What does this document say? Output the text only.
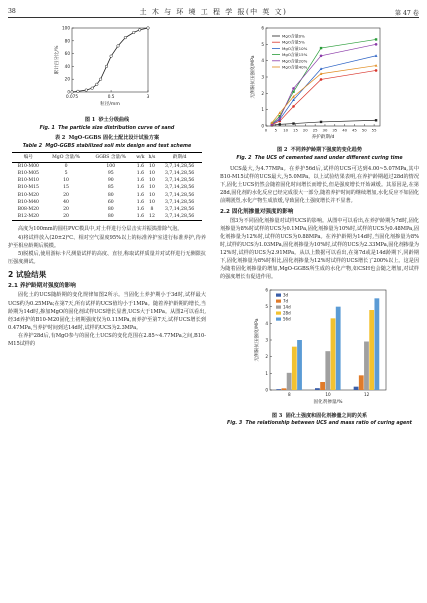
38	土 木 与 环 境 工 程 学 报(中 英 文)	第 47 卷
0
20
40
60
80
100
0.075	0.5	3
粒径/mm
累计百分比/%
图 1 砂土分级曲线
Fig. 1 The particle size distribution curve of sand
表 2 MgO-GGBS 固化土配比设计试验方案
Table 2 MgO-GGBS stabilized soil mix design and test scheme
编号	MgO 含量/%	GGBS 含量/%	w/k	h/s	龄期/d
B10-M00	0	100	1.6	10	3,7,14,28,56
B10-M05	5	95	1.6	10	3,7,14,28,56
B10-M10	10	90	1.6	10	3,7,14,28,56
B10-M15	15	85	1.6	10	3,7,14,28,56
B10-M20	20	80	1.6	10	3,7,14,28,56
B10-M40	40	60	1.6	10	3,7,14,28,56
B08-M20	20	80	1.6	8	3,7,14,28,56
B12-M20	20	80	1.6	12	3,7,14,28,56

高度为100mm的圆柱PVC模具中,对土样进行分层击实并振捣排除气泡。

4)将试样放入(20±2)℃、相对空气湿度95%以上的标准养护室进行标准养护,待养护至相应龄期后脱模。

5)脱模后,使用游标卡尺测量试样的高度、直径,称取试样质量并对试样进行无侧限抗压强度测试。

2 试验结果
2.1 养护龄期对强度的影响

固化土的UCS随龄期的变化规律如图2所示。当固化土养护期小于3d时,试样最大UCS约为0.25MPa;在第7天,所有试样的UCS值均小于1MPa。随着养护龄期的增长,当龄期为14d时,掺加MgO的固化剂试样UCS增长显著,UCS大于1MPa。从图2可以看出,经3d养护的B10-M20固化土初期强度仅为0.11MPa,而养护至第7天,试样UCS增长到0.47MPa,当养护时间到达14d时,试样的UCS为2.3MPa。

在养护28d后,有MgO参与的固化土UCS的变化范围在2.85~4.77MPa之间,B10-M15试样的

0
1
2
3
4
5
6
0 5 10 15 20 25 30 35 40 45 50 55
养护龄期/d
无侧限抗压强度/MPa
MgO含量0%
MgO含量5%
MgO含量10%
MgO含量15%
MgO含量20%
MgO含量40%
图 2 不同养护龄期下强度的变化趋势
Fig. 2 The UCS of cemented sand under different curing time

UCS最大,为4.77MPa。在养护56d后,试样的UCS可达到4.00~5.07MPa,其中B10-M15试样的UCS最大,为5.0MPa。以上试验结果表明,在养护龄期超过28d的情况下,固化土UCS仍然会随着固化时间增长而增长,但是强度增长开始减缓。其原因是,在第28d,固化剂的水化反应已经完成很大一部分,随着养护时间的继续增加,水化反应不如固化前期剧烈,水化产物生成放缓,导致固化土强度增长并不显著。

2.2 固化剂掺量对强度的影响

图3为不同固化剂掺量对试样UCS的影响。从图中可以看出,在养护龄期为7d时,固化剂掺量为8%时试样的UCS为0.1MPa,固化剂掺量为10%时,试样的UCS为0.48MPa,固化剂掺量为12%时,试样的UCS为0.88MPa。在养护龄期为14d时,当固化剂掺量为8%时,试样的UCS为1.03MPa,固化剂掺量为10%时,试样的UCS为2.33MPa,固化剂掺量为12%时,试样的UCS为2.91MPa。从以上数据可以看出,在第7d或是14d龄期下,同龄期下,固化剂掺量为8%时相比,固化剂掺量为12%时试样的UCS增长了200%以上。这是因为随着固化剂掺量的增加,MgO-GGBS所生成的水化产物,如CSH也会随之增加,对试样的强度增长有促进作用。

0
1
2
3
4
5
6
8	10	12
3d
7d
14d
28d
56d
固化剂掺量/%
无侧限抗压强度/MPa
图 3 固化土强度和固化剂掺量之间的关系
Fig. 3 The relationship between UCS and mass ratio of curing agent
